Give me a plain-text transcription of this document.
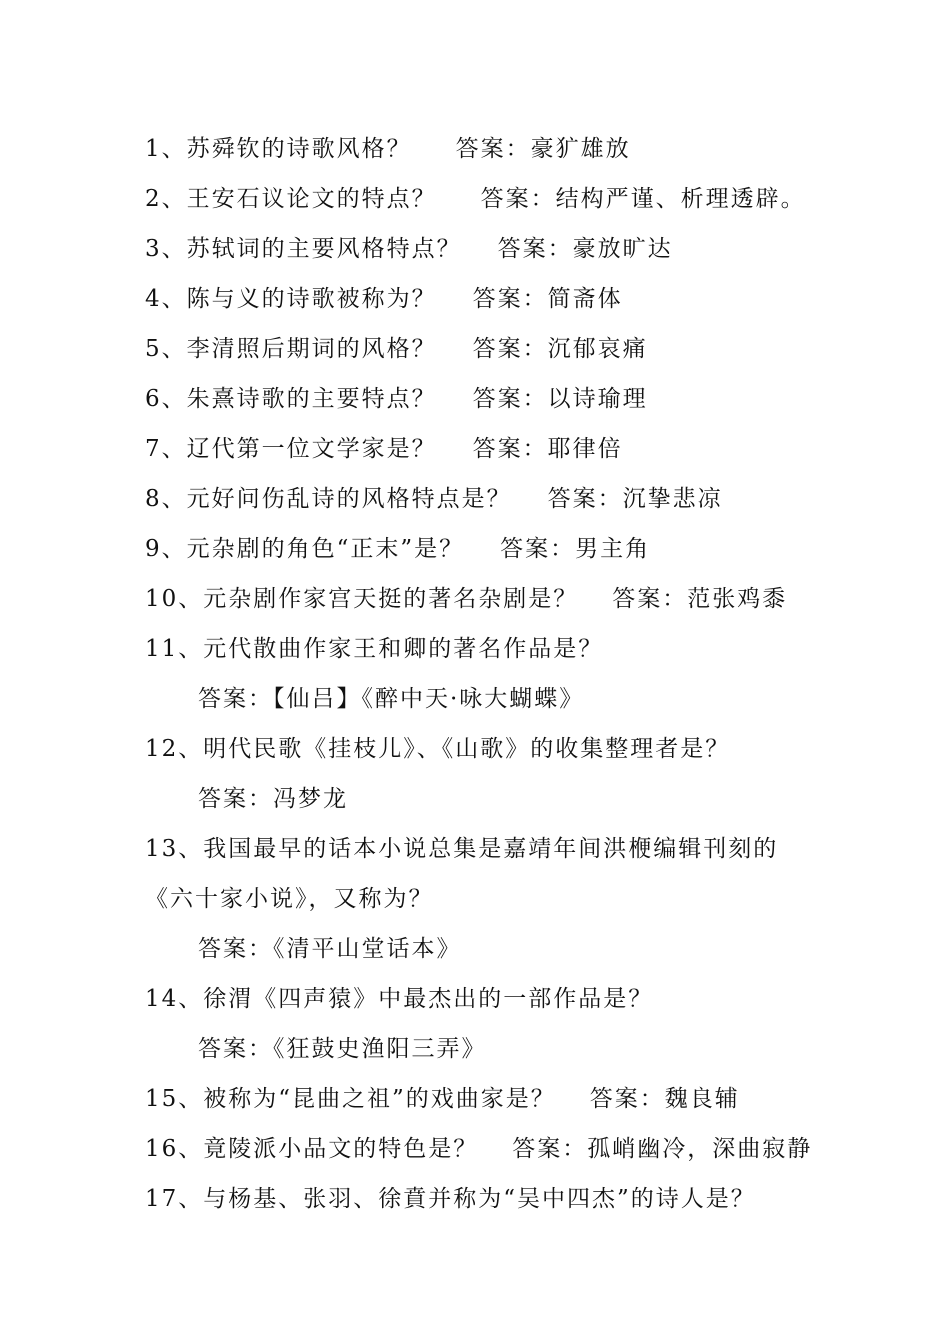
1、苏舜钦的诗歌风格？ 答案：豪犷雄放
2、王安石议论文的特点？ 答案：结构严谨、析理透辟。
3、苏轼词的主要风格特点？ 答案：豪放旷达
4、陈与义的诗歌被称为？ 答案：简斋体
5、李清照后期词的风格？ 答案：沉郁哀痛
6、朱熹诗歌的主要特点？ 答案：以诗瑜理
7、辽代第一位文学家是？ 答案：耶律倍
8、元好问伤乱诗的风格特点是？ 答案：沉挚悲凉
9、元杂剧的角色“正末”是？ 答案：男主角
10、元杂剧作家宫天挺的著名杂剧是？ 答案：范张鸡黍
11、元代散曲作家王和卿的著名作品是？
答案：【仙吕】《醉中天·咏大蝴蝶》
12、明代民歌《挂枝儿》、《山歌》的收集整理者是？
答案：冯梦龙
13、我国最早的话本小说总集是嘉靖年间洪楩编辑刊刻的
《六十家小说》，又称为？
答案：《清平山堂话本》
14、徐渭《四声猿》中最杰出的一部作品是？
答案：《狂鼓史渔阳三弄》
15、被称为“昆曲之祖”的戏曲家是？ 答案：魏良辅
16、竟陵派小品文的特色是？ 答案：孤峭幽冷，深曲寂静
17、与杨基、张羽、徐賁并称为“吴中四杰”的诗人是？
